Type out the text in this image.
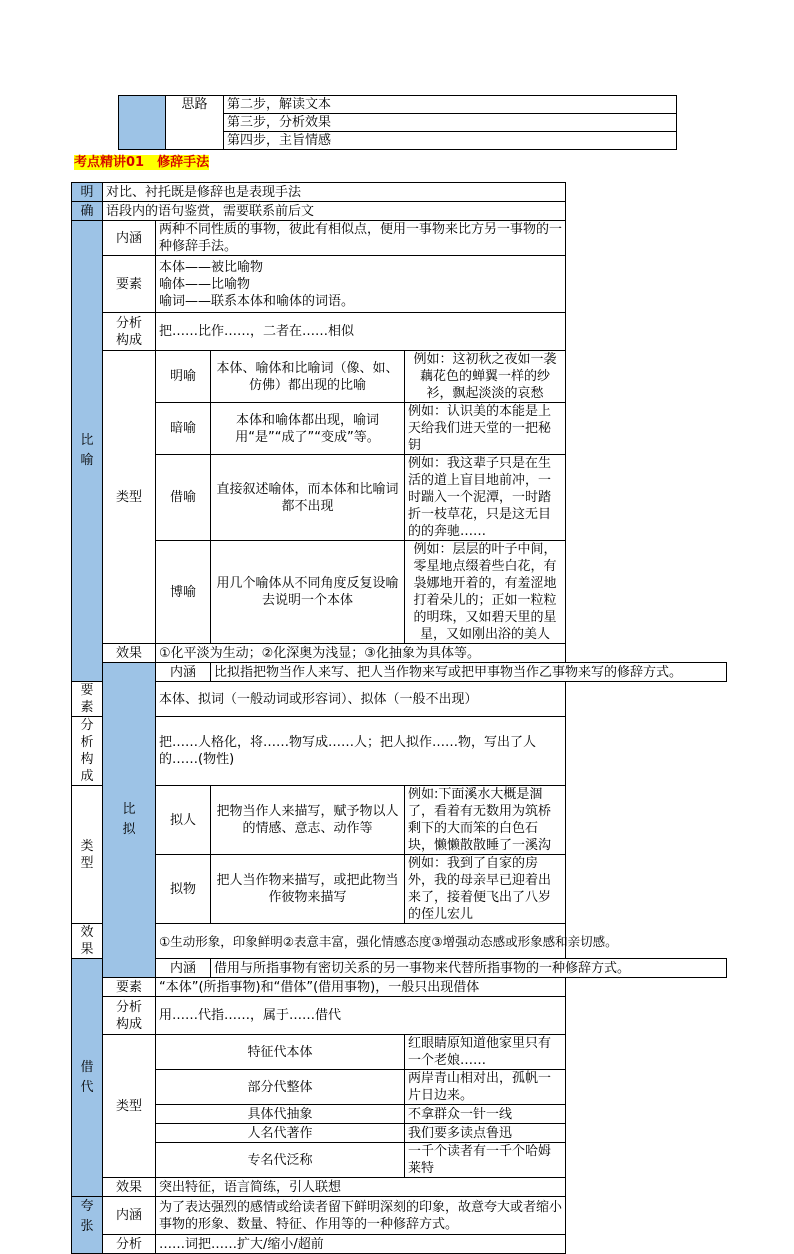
	思路	第二步，解读文本
第三步，分析效果
第四步，主旨情感
考点精讲01　修辞手法
明	对比、衬托既是修辞也是表现手法			
确	语段内的语句鉴赏，需要联系前后文			

比
喻	内涵	两种不同性质的事物，彼此有相似点，便用一事物来比方另一事物的一种修辞手法。		
	要素	本体——被比喻物
喻体——比喻物
喻词——联系本体和喻体的词语。		

	分析
构成	把……比作……，二者在……相似		
	类型	明喻	本体、喻体和比喻词（像、如、仿佛）都出现的比喻	例如：这初秋之夜如一袭藕花色的蝉翼一样的纱衫，飘起淡淡的哀愁
		暗喻	本体和喻体都出现，喻词用“是”“成了”“变成”等。	例如：认识美的本能是上天给我们进天堂的一把秘钥
		借喻	直接叙述喻体，而本体和比喻词都不出现	例如：我这辈子只是在生活的道上盲目地前冲，一时踹入一个泥潭，一时踏折一枝草花，只是这无目的的奔驰……
		博喻	用几个喻体从不同角度反复设喻去说明一个本体	例如：层层的叶子中间，零星地点缀着些白花，有袅娜地开着的，有羞涩地打着朵儿的；正如一粒粒的明珠，又如碧天里的星星，又如刚出浴的美人
	效果	①化平淡为生动；②化深奥为浅显；③化抽象为具体等。		

	比
拟	内涵	比拟指把物当作人来写、把人当作物来写或把甲事物当作乙事物来写的修辞方式。	
要素		本体、拟词（一般动词或形容词）、拟体（一般不出现）		

分析
构成		把……人格化，将……物写成……人；把人拟作……物，写出了人的……(物性)		
类型		拟人	把物当作人来描写，赋予物以人的情感、意志、动作等	例如:下面溪水大概是涸了，看着有无数用为筑桥剩下的大而笨的白色石块，懒懒散散睡了一溪沟
		拟物	把人当作物来描写，或把此物当作彼物来描写	例如：我到了自家的房外，我的母亲早已迎着出来了，接着便飞出了八岁的侄儿宏儿
效果		①生动形象，印象鲜明②表意丰富，强化情感态度③增强动态感或形象感和亲切感。		

借
代		内涵	借用与所指事物有密切关系的另一事物来代替所指事物的一种修辞方式。	
	要素	“本体”(所指事物)和“借体”(借用事物)，一般只出现借体		

	分析
构成	用……代指……，属于……借代		
	类型	特征代本体		红眼睛原知道他家里只有一个老娘……
		部分代整体		两岸青山相对出，孤帆一片日边来。
		具体代抽象		不拿群众一针一线
		人名代著作		我们要多读点鲁迅
		专名代泛称		一千个读者有一千个哈姆莱特
	效果	突出特征，语言简练，引人联想		

夸
张	内涵	为了表达强烈的感情或给读者留下鲜明深刻的印象，故意夸大或者缩小事物的形象、数量、特征、作用等的一种修辞方式。		
	分析	……词把……扩大/缩小/超前		
